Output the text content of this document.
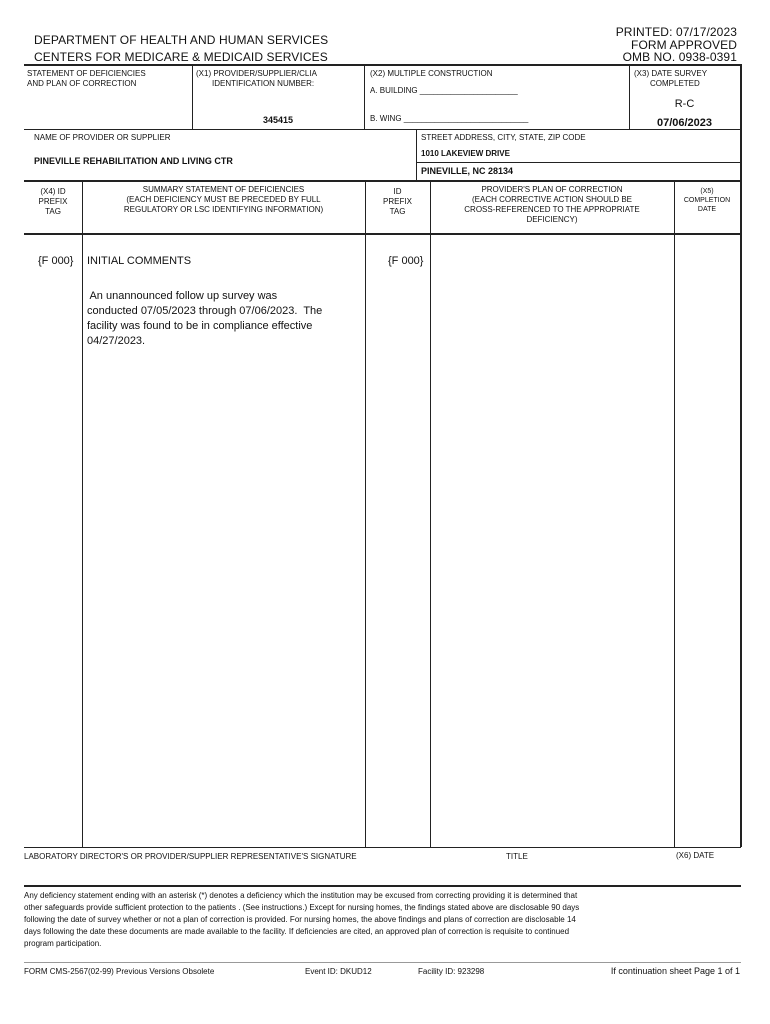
DEPARTMENT OF HEALTH AND HUMAN SERVICES
CENTERS FOR MEDICARE & MEDICAID SERVICES
PRINTED: 07/17/2023
FORM APPROVED
OMB NO. 0938-0391
STATEMENT OF DEFICIENCIES
AND PLAN OF CORRECTION
(X1) PROVIDER/SUPPLIER/CLIA
IDENTIFICATION NUMBER:
345415
(X2) MULTIPLE CONSTRUCTION
A. BUILDING ______________________
B. WING ____________________________
(X3) DATE SURVEY
COMPLETED
R-C
07/06/2023
NAME OF PROVIDER OR SUPPLIER
PINEVILLE REHABILITATION AND LIVING CTR
STREET ADDRESS, CITY, STATE, ZIP CODE
1010 LAKEVIEW DRIVE
PINEVILLE, NC 28134
(X4) ID
PREFIX
TAG
SUMMARY STATEMENT OF DEFICIENCIES
(EACH DEFICIENCY MUST BE PRECEDED BY FULL
REGULATORY OR LSC IDENTIFYING INFORMATION)
ID
PREFIX
TAG
PROVIDER'S PLAN OF CORRECTION
(EACH CORRECTIVE ACTION SHOULD BE
CROSS-REFERENCED TO THE APPROPRIATE
DEFICIENCY)
(X5)
COMPLETION
DATE
{F 000} INITIAL COMMENTS	{F 000}
An unannounced follow up survey was
conducted 07/05/2023 through 07/06/2023.  The
facility was found to be in compliance effective
04/27/2023.
LABORATORY DIRECTOR'S OR PROVIDER/SUPPLIER REPRESENTATIVE'S SIGNATURE	TITLE	(X6) DATE
Any deficiency statement ending with an asterisk (*) denotes a deficiency which the institution may be excused from correcting providing it is determined that
other safeguards provide sufficient protection to the patients . (See instructions.) Except for nursing homes, the findings stated above are disclosable 90 days
following the date of survey whether or not a plan of correction is provided. For nursing homes, the above findings and plans of correction are disclosable 14
days following the date these documents are made available to the facility. If deficiencies are cited, an approved plan of correction is requisite to continued
program participation.
FORM CMS-2567(02-99) Previous Versions Obsolete	Event ID: DKUD12	Facility ID: 923298	If continuation sheet Page 1 of 1
